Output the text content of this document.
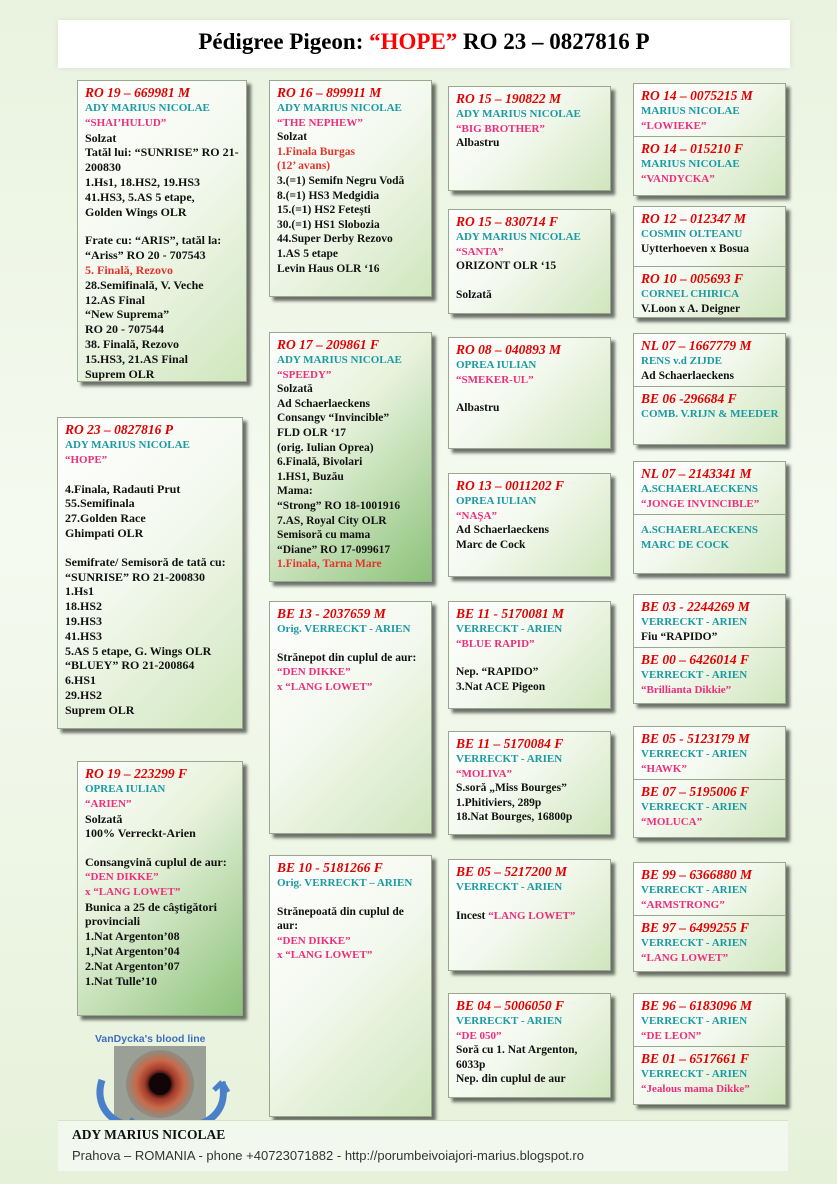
Pédigree Pigeon: “HOPE” RO 23 – 0827816 P
RO 19 – 669981 M
ADY MARIUS NICOLAE
“SHAI’HULUD”
Solzat
Tatăl lui: “SUNRISE” RO 21-200830
1.Hs1, 18.HS2, 19.HS3
41.HS3, 5.AS 5 etape,
Golden Wings OLR
Frate cu: “ARIS”, tatăl la:
“Ariss” RO 20 - 707543
5. Finală, Rezovo
28.Semifinală, V. Veche
12.AS Final
“New Suprema”
RO 20 - 707544
38. Finală, Rezovo
15.HS3, 21.AS Final
Suprem OLR
RO 23 – 0827816 P
ADY MARIUS NICOLAE
“HOPE”
4.Finala, Radauti Prut
55.Semifinala
27.Golden Race
Ghimpati OLR
Semifrate/ Semisoră de tată cu:
“SUNRISE” RO 21-200830
1.Hs1
18.HS2
19.HS3
41.HS3
5.AS 5 etape, G. Wings OLR
“BLUEY” RO 21-200864
6.HS1
29.HS2
Suprem OLR
RO 19 – 223299 F
OPREA IULIAN
“ARIEN”
Solzată
100% Verreckt-Arien
Consangvină cuplul de aur:
“DEN DIKKE”
x “LANG LOWET”
Bunica a 25 de câştigători provinciali
1.Nat Argenton’08
1,Nat Argenton’04
2.Nat Argenton’07
1.Nat Tulle’10
RO 16 – 899911 M
ADY MARIUS NICOLAE
“THE NEPHEW”
Solzat
1.Finala Burgas
(12’ avans)
3.(=1) Semifn Negru Vodă
8.(=1) HS3 Medgidia
15.(=1) HS2 Feteşti
30.(=1) HS1 Slobozia
44.Super Derby Rezovo
1.AS 5 etape
Levin Haus OLR ‘16
RO 17 – 209861 F
ADY MARIUS NICOLAE
“SPEEDY”
Solzată
Ad Schaerlaeckens
Consangv “Invincible”
FLD OLR ‘17
(orig. Iulian Oprea)
6.Finală, Bivolari
1.HS1, Buzău
Mama:
“Strong” RO 18-1001916
7.AS, Royal City OLR
Semisoră cu mama
“Diane” RO 17-099617
1.Finala, Tarna Mare
BE 13 - 2037659 M
Orig. VERRECKT - ARIEN
Strănepot din cuplul de aur:
“DEN DIKKE”
x “LANG LOWET”
BE 10 - 5181266 F
Orig. VERRECKT – ARIEN
Strănepoată din cuplul de aur:
“DEN DIKKE”
x “LANG LOWET”
RO 15 – 190822 M
ADY MARIUS NICOLAE
“BIG BROTHER”
Albastru
RO 15 – 830714 F
ADY MARIUS NICOLAE
“SANTA”
ORIZONT OLR ‘15
Solzată
RO 08 – 040893 M
OPREA IULIAN
“SMEKER-UL”
Albastru
RO 13 – 0011202 F
OPREA IULIAN
“NAŞA”
Ad Schaerlaeckens
Marc de Cock
BE 11 - 5170081 M
VERRECKT - ARIEN
“BLUE RAPID”
Nep. “RAPIDO”
3.Nat ACE Pigeon
BE 11 – 5170084 F
VERRECKT - ARIEN
“MOLIVA”
S.soră „Miss Bourges”
1.Phitiviers, 289p
18.Nat Bourges, 16800p
BE 05 – 5217200 M
VERRECKT - ARIEN
Incest “LANG LOWET”
BE 04 – 5006050 F
VERRECKT - ARIEN
“DE 050”
Soră cu 1. Nat Argenton, 6033p
Nep. din cuplul de aur
RO 14 – 0075215 M
MARIUS NICOLAE
“LOWIEKE”
RO 14 – 015210 F
MARIUS NICOLAE
“VANDYCKA”
RO 12 – 012347 M
COSMIN OLTEANU
Uytterhoeven x Bosua
RO 10 – 005693 F
CORNEL CHIRICA
V.Loon x A. Deigner
NL 07 – 1667779 M
RENS v.d ZIJDE
Ad Schaerlaeckens
BE 06 -296684 F
COMB. V.RIJN & MEEDER
NL 07 – 2143341 M
A.SCHAERLAECKENS
“JONGE INVINCIBLE”
A.SCHAERLAECKENS MARC DE COCK
BE 03 - 2244269 M
VERRECKT - ARIEN
Fiu “RAPIDO”
BE 00 – 6426014 F
VERRECKT - ARIEN
“Brillianta Dikkie”
BE 05 - 5123179 M
VERRECKT - ARIEN
“HAWK”
BE 07 – 5195006 F
VERRECKT - ARIEN
“MOLUCA”
BE 99 – 6366880 M
VERRECKT - ARIEN
“ARMSTRONG”
BE 97 – 6499255 F
VERRECKT - ARIEN
“LANG LOWET”
BE 96 – 6183096 M
VERRECKT - ARIEN
“DE LEON”
BE 01 – 6517661 F
VERRECKT - ARIEN
“Jealous mama Dikke”
VanDycka's blood line
ADY MARIUS NICOLAE
Prahova – ROMANIA - phone +40723071882 - http://porumbeivoiajori-marius.blogspot.ro
